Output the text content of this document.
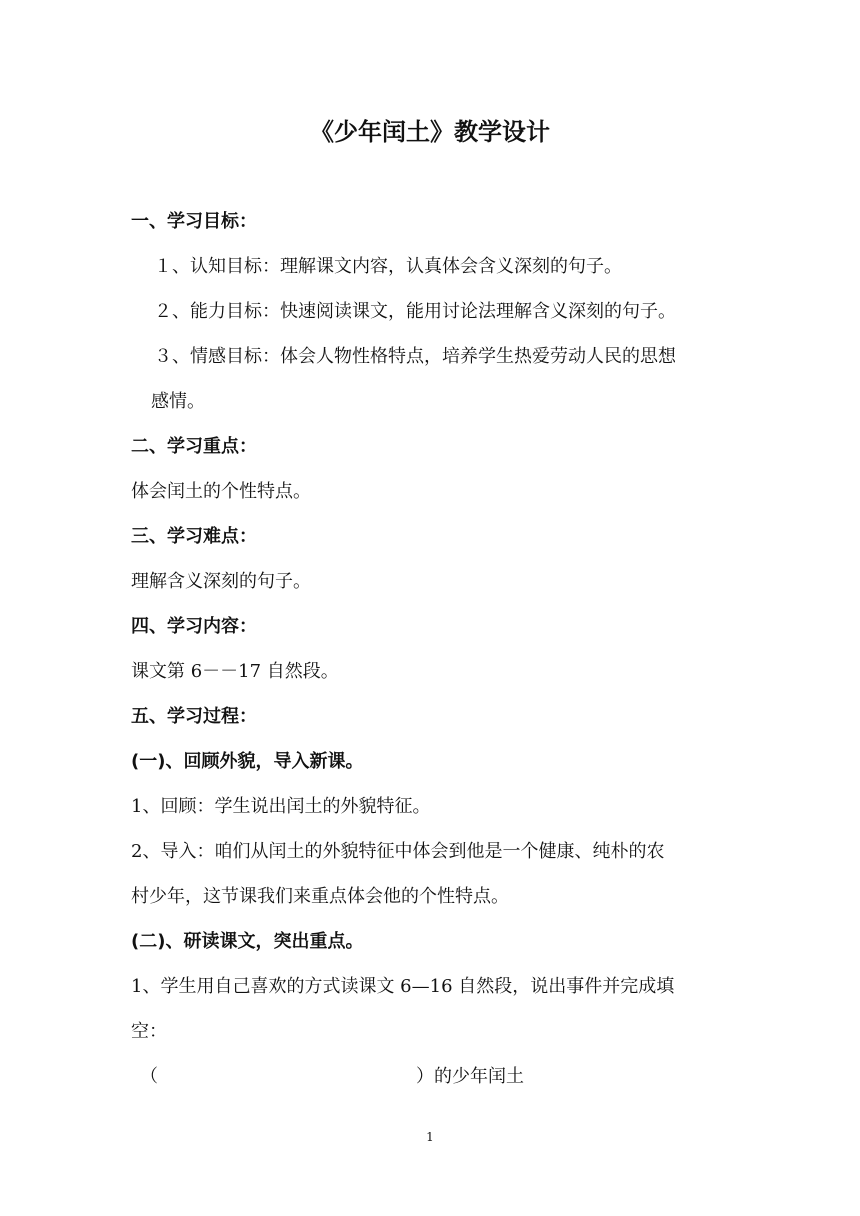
《少年闰土》教学设计
一、学习目标：
１、认知目标：理解课文内容，认真体会含义深刻的句子。
２、能力目标：快速阅读课文，能用讨论法理解含义深刻的句子。
３、情感目标：体会人物性格特点，培养学生热爱劳动人民的思想
感情。
二、学习重点：
体会闰土的个性特点。
三、学习难点：
理解含义深刻的句子。
四、学习内容：
课文第 6－－17 自然段。
五、学习过程：
(一)、回顾外貌，导入新课。
1、回顾：学生说出闰土的外貌特征。
2、导入：咱们从闰土的外貌特征中体会到他是一个健康、纯朴的农
村少年，这节课我们来重点体会他的个性特点。
(二)、研读课文，突出重点。
1、学生用自己喜欢的方式读课文 6—16 自然段，说出事件并完成填
空：
（	）的少年闰土
1
